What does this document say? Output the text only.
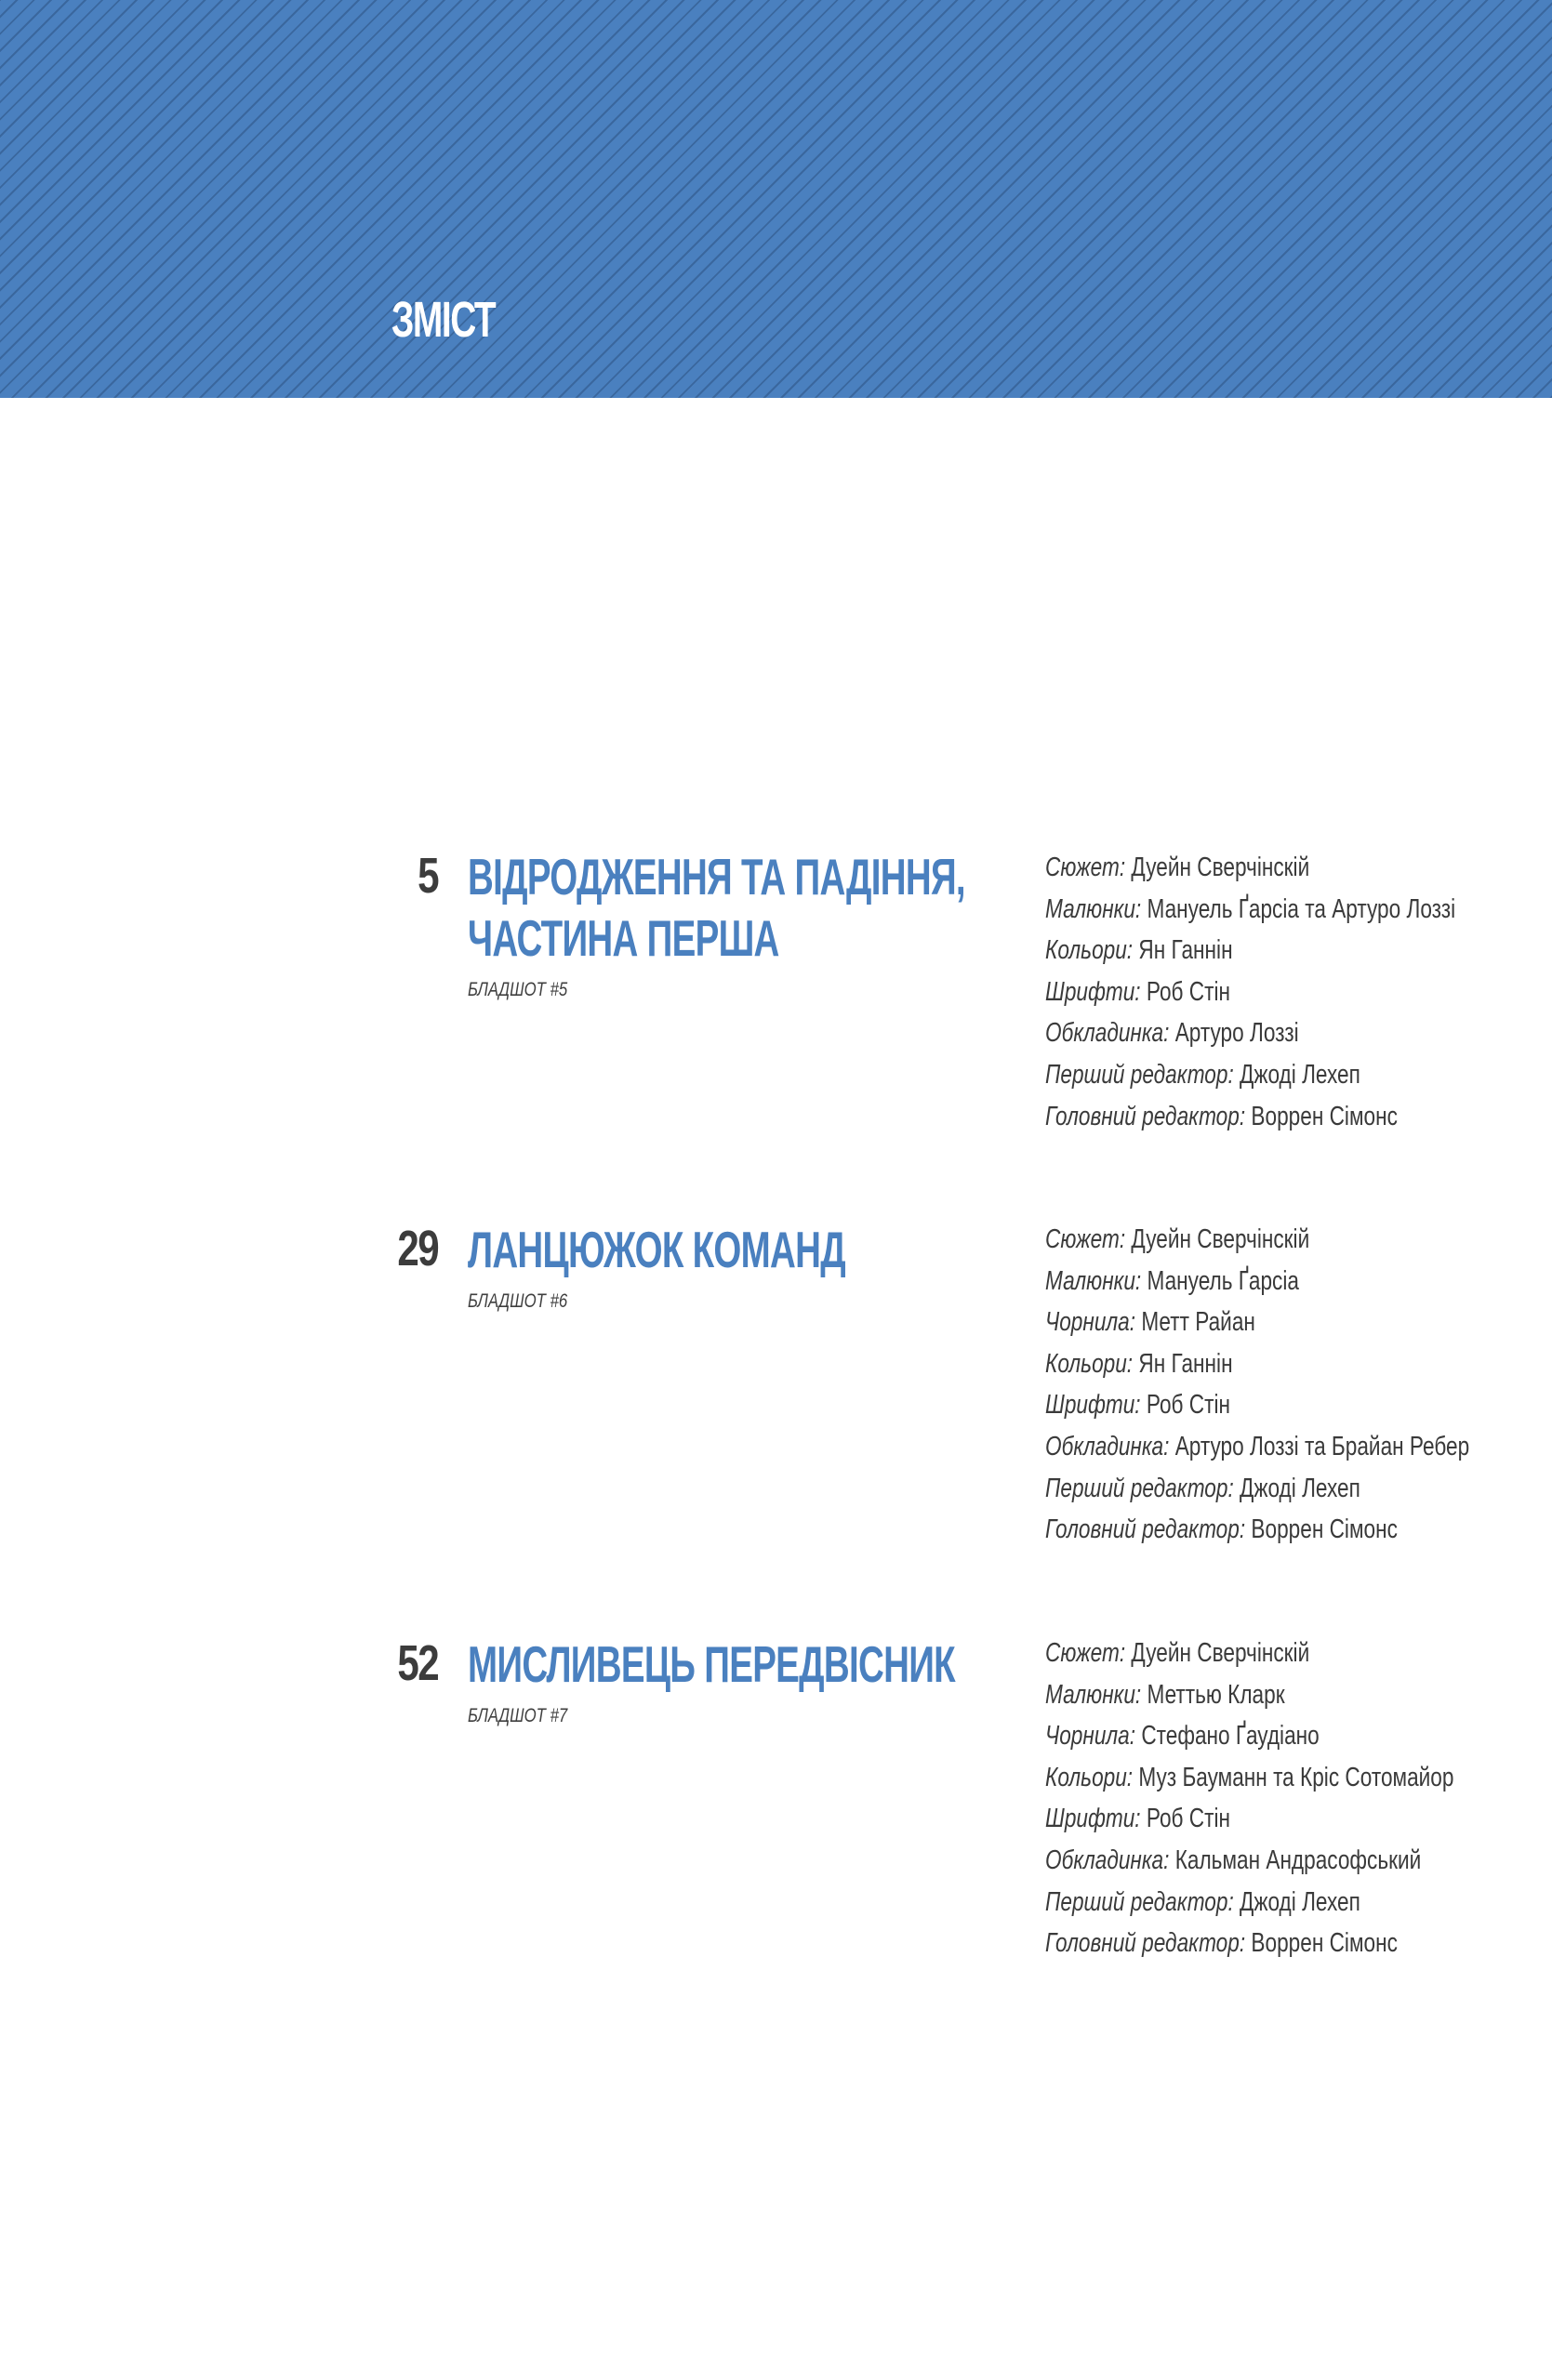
ЗМІСТ
5 ВІДРОДЖЕННЯ ТА ПАДІННЯ,
ЧАСТИНА ПЕРША
БЛАДШОТ #5
Сюжет: Дуейн Сверчінскій
Малюнки: Мануель Ґарсіа та Артуро Лоззі
Кольори: Ян Ганнін
Шрифти: Роб Стін
Обкладинка: Артуро Лоззі
Перший редактор: Джоді Лехеп
Головний редактор: Воррен Сімонс
29 ЛАНЦЮЖОК КОМАНД
БЛАДШОТ #6
Сюжет: Дуейн Сверчінскій
Малюнки: Мануель Ґарсіа
Чорнила: Метт Райан
Кольори: Ян Ганнін
Шрифти: Роб Стін
Обкладинка: Артуро Лоззі та Брайан Ребер
Перший редактор: Джоді Лехеп
Головний редактор: Воррен Сімонс
52 МИСЛИВЕЦЬ ПЕРЕДВІСНИК
БЛАДШОТ #7
Сюжет: Дуейн Сверчінскій
Малюнки: Меттью Кларк
Чорнила: Стефано Ґаудіано
Кольори: Муз Бауманн та Кріс Сотомайор
Шрифти: Роб Стін
Обкладинка: Кальман Андрасофський
Перший редактор: Джоді Лехеп
Головний редактор: Воррен Сімонс
